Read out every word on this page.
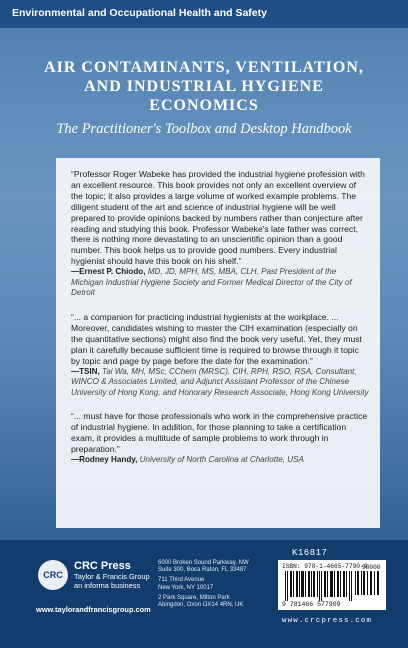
Environmental and Occupational Health and Safety
AIR CONTAMINANTS, VENTILATION,
AND INDUSTRIAL HYGIENE
ECONOMICS
The Practitioner's Toolbox and Desktop Handbook
“Professor Roger Wabeke has provided the industrial hygiene profession with an excellent resource. This book provides not only an excellent overview of the topic; it also provides a large volume of worked example problems. The diligent student of the art and science of industrial hygiene will be well prepared to provide opinions backed by numbers rather than conjecture after reading and studying this book. Professor Wabeke's late father was correct, there is nothing more devastating to an unscientific opinion than a good number. This book helps us to provide good numbers. Every industrial hygienist should have this book on his shelf.”
—Ernest P. Chiodo, MD, JD, MPH, MS, MBA, CLH, Past President of the Michigan Industrial Hygiene Society and Former Medical Director of the City of Detroit
“... a companion for practicing industrial hygienists at the workplace. ... Moreover, candidates wishing to master the CIH examination (especially on the quantitative sections) might also find the book very useful. Yet, they must plan it carefully because sufficient time is required to browse through it topic by topic and page by page before the date for the examination.”
—TSIN, Tai Wa, MH, MSc, CChem (MRSC), CIH, RPH, RSO, RSA, Consultant, WINCO & Associates Limited, and Adjunct Assistant Professor of the Chinese University of Hong Kong, and Honorary Research Associate, Hong Kong University
“... must have for those professionals who work in the comprehensive practice of industrial hygiene. In addition, for those planning to take a certification exam, it provides a multitude of sample problems to work through in preparation.”
—Rodney Handy, University of North Carolina at Charlotte, USA
CRC
CRC Press
Taylor & Francis Group
an informa business
www.taylorandfrancisgroup.com
6000 Broken Sound Parkway, NW
Suite 300, Boca Raton, FL 33487
711 Third Avenue
New York, NY 10017
2 Park Square, Milton Park
Abingdon, Oxon OX14 4RN, UK
K16817
ISBN: 978-1-4665-7790-9
9 781466 577909
90000
www.crcpress.com
